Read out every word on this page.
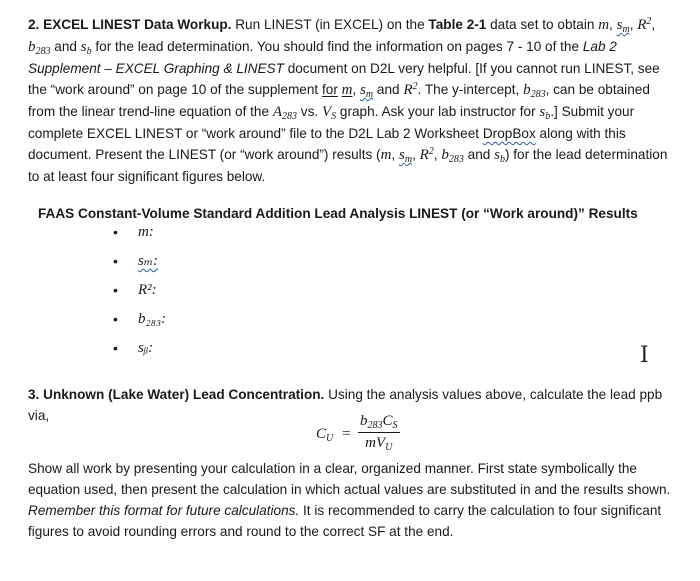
2. EXCEL LINEST Data Workup. Run LINEST (in EXCEL) on the Table 2-1 data set to obtain m, $s_m$, $R^2$, $b_{283}$ and $s_b$ for the lead determination. You should find the information on pages 7 - 10 of the Lab 2 Supplement – EXCEL Graphing & LINEST document on D2L very helpful. [If you cannot run LINEST, see the “work around” on page 10 of the supplement for m, $s_m$ and $R^2$. The y-intercept, $b_{283}$, can be obtained from the linear trend-line equation of the $A_{283}$ vs. $V_S$ graph. Ask your lab instructor for $s_b$.] Submit your complete EXCEL LINEST or “work around” file to the D2L Lab 2 Worksheet DropBox along with this document. Present the LINEST (or “work around”) results (m, $s_m$, $R^2$, $b_{283}$ and $s_b$) for the lead determination to at least four significant figures below.

FAAS Constant-Volume Standard Addition Lead Analysis LINEST (or “Work around)” Results
• m:
• sₘ:
• R²:
• b₂₈₃:
• sᵦ:	I

3. Unknown (Lake Water) Lead Concentration. Using the analysis values above, calculate the lead ppb via,

$C_U$ =
$b_{283}C_S$
$mV_U$

Show all work by presenting your calculation in a clear, organized manner. First state symbolically the equation used, then present the calculation in which actual values are substituted in and the results shown. Remember this format for future calculations. It is recommended to carry the calculation to four significant figures to avoid rounding errors and round to the correct SF at the end.
